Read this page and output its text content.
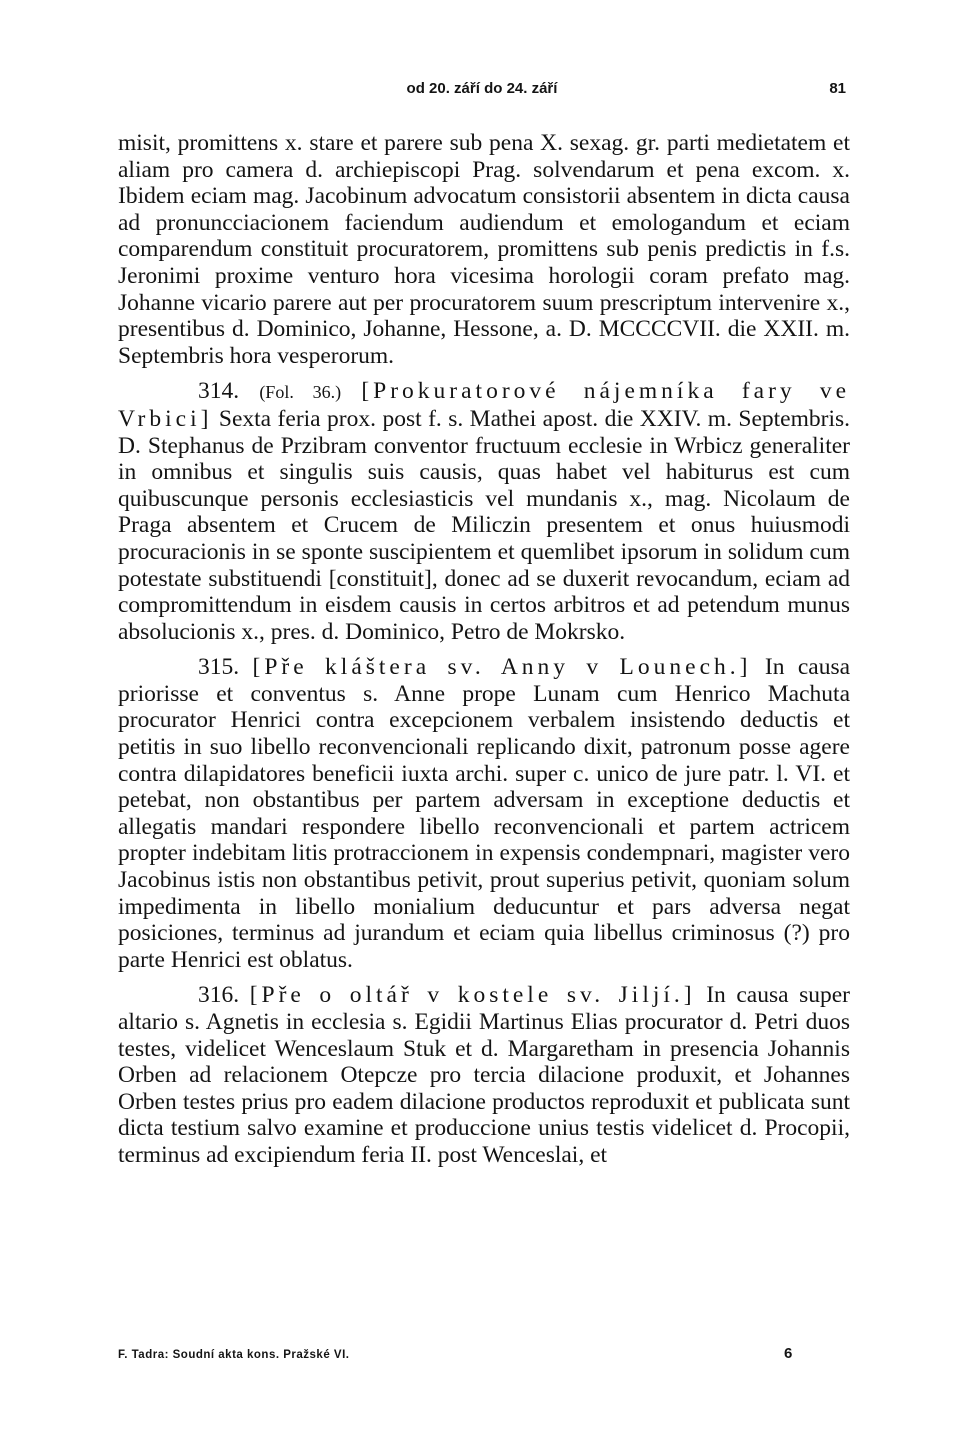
od 20. září do 24. září	81

misit, promittens x. stare et parere sub pena X. sexag. gr. parti medietatem et aliam pro camera d. archiepiscopi Prag. solvendarum et pena excom. x. Ibidem eciam mag. Jacobinum advocatum consistorii absentem in dicta causa ad pronuncciacionem faciendum audiendum et emologandum et eciam comparendum constituit procuratorem, promittens sub penis predictis in f.s. Jeronimi proxime venturo hora vicesima horologii coram prefato mag. Johanne vicario parere aut per procuratorem suum prescriptum intervenire x., presentibus d. Dominico, Johanne, Hessone, a. D. MCCCCVII. die XXII. m. Septembris hora vesperorum.

314. (Fol. 36.) [Prokuratorové nájemníka fary ve Vrbici] Sexta feria prox. post f. s. Mathei apost. die XXIV. m. Septembris. D. Stephanus de Przibram conventor fructuum ecclesie in Wrbicz generaliter in omnibus et singulis suis causis, quas habet vel habiturus est cum quibuscunque personis ecclesiasticis vel mundanis x., mag. Nicolaum de Praga absentem et Crucem de Miliczin presentem et onus huiusmodi procuracionis in se sponte suscipientem et quemlibet ipsorum in solidum cum potestate substituendi [constituit], donec ad se duxerit revocandum, eciam ad compromittendum in eisdem causis in certos arbitros et ad petendum munus absolucionis x., pres. d. Dominico, Petro de Mokrsko.

315. [Pře kláštera sv. Anny v Lounech.] In causa priorisse et conventus s. Anne prope Lunam cum Henrico Machuta procurator Henrici contra excepcionem verbalem insistendo deductis et petitis in suo libello reconvencionali replicando dixit, patronum posse agere contra dilapidatores beneficii iuxta archi. super c. unico de jure patr. l. VI. et petebat, non obstantibus per partem adversam in exceptione deductis et allegatis mandari respondere libello reconvencionali et partem actricem propter indebitam litis protraccionem in expensis condempnari, magister vero Jacobinus istis non obstantibus petivit, prout superius petivit, quoniam solum impedimenta in libello monialium deducuntur et pars adversa negat posiciones, terminus ad jurandum et eciam quia libellus criminosus (?) pro parte Henrici est oblatus.

316. [Pře o oltář v kostele sv. Jiljí.] In causa super altario s. Agnetis in ecclesia s. Egidii Martinus Elias procurator d. Petri duos testes, videlicet Wenceslaum Stuk et d. Margaretham in presencia Johannis Orben ad relacionem Otepcze pro tercia dilacione produxit, et Johannes Orben testes prius pro eadem dilacione productos reproduxit et publicata sunt dicta testium salvo examine et produccione unius testis videlicet d. Procopii, terminus ad excipiendum feria II. post Wenceslai, et

F. Tadra: Soudní akta kons. Pražské VI.	6
